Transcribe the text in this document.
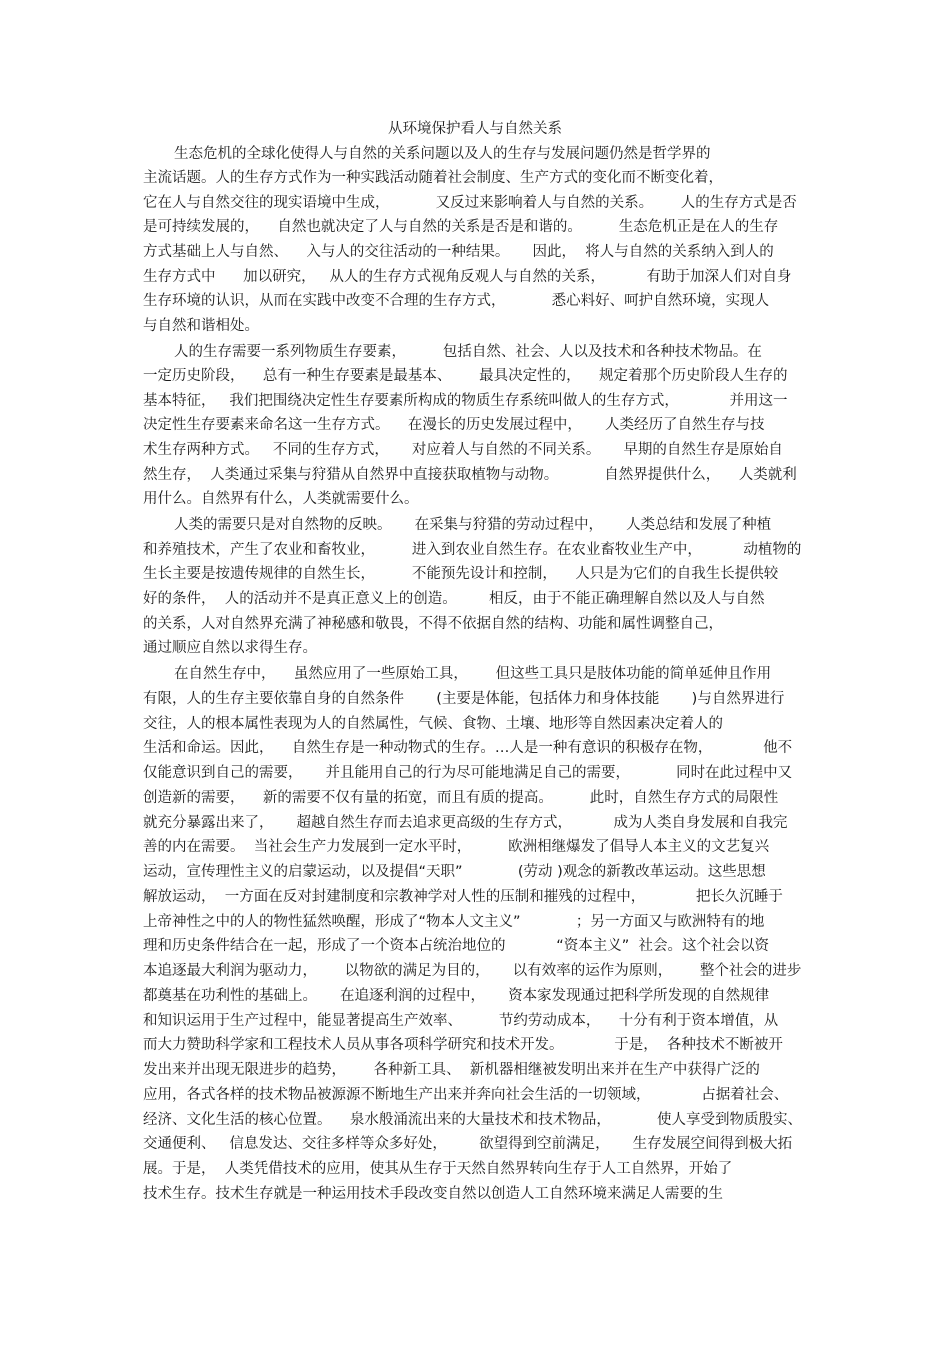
从环境保护看人与自然关系
生态危机的全球化使得人与自然的关系问题以及人的生存与发展问题仍然是哲学界的
主流话题。人的生存方式作为一种实践活动随着社会制度、生产方式的变化而不断变化着，
它在人与自然交往的现实语境中生成，          又反过来影响着人与自然的关系。      人的生存方式是否
是可持续发展的，    自然也就决定了人与自然的关系是否是和谐的。        生态危机正是在人的生存
方式基础上人与自然、    入与人的交往活动的一种结果。     因此，  将人与自然的关系纳入到人的
生存方式中      加以研究，   从人的生存方式视角反观人与自然的关系，         有助于加深人们对自身
生存环境的认识，从而在实践中改变不合理的生存方式，          悉心料好、呵护自然环境，实现人
与自然和谐相处。
人的生存需要一系列物质生存要素，        包括自然、社会、人以及技术和各种技术物品。在
一定历史阶段，    总有一种生存要素是最基本、      最具决定性的，    规定着那个历史阶段人生存的
基本特征，   我们把围绕决定性生存要素所构成的物质生存系统叫做人的生存方式，           并用这一
决定性生存要素来命名这一生存方式。    在漫长的历史发展过程中，     人类经历了自然生存与技
术生存两种方式。   不同的生存方式，     对应着人与自然的不同关系。     早期的自然生存是原始自
然生存，  人类通过采集与狩猎从自然界中直接获取植物与动物。          自然界提供什么，    人类就利
用什么。自然界有什么，人类就需要什么。
人类的需要只是对自然物的反映。     在采集与狩猎的劳动过程中，     人类总结和发展了种植
和养殖技术，产生了农业和畜牧业，        进入到农业自然生存。在农业畜牧业生产中，         动植物的
生长主要是按遗传规律的自然生长，        不能预先设计和控制，    人只是为它们的自我生长提供较
好的条件，  人的活动并不是真正意义上的创造。       相反，由于不能正确理解自然以及人与自然
的关系，人对自然界充满了神秘感和敬畏，不得不依据自然的结构、功能和属性调整自己，
通过顺应自然以求得生存。
在自然生存中，    虽然应用了一些原始工具，      但这些工具只是肢体功能的简单延伸且作用
有限，人的生存主要依靠自身的自然条件       (主要是体能，包括体力和身体技能       )与自然界进行
交往，人的根本属性表现为人的自然属性，气候、食物、土壤、地形等自然因素决定着人的
生活和命运。因此，    自然生存是一种动物式的生存。…人是一种有意识的积极存在物，           他不
仅能意识到自己的需要，     并且能用自己的行为尽可能地满足自己的需要，          同时在此过程中又
创造新的需要，    新的需要不仅有量的拓宽，而且有质的提高。        此时，自然生存方式的局限性
就充分暴露出来了，     超越自然生存而去追求更高级的生存方式，         成为人类自身发展和自我完
善的内在需要。  当社会生产力发展到一定水平时，        欧洲相继爆发了倡导人本主义的文艺复兴
运动，宣传理性主义的启蒙运动，以及提倡“天职”            (劳动 )观念的新教改革运动。这些思想
解放运动，  一方面在反对封建制度和宗教神学对人性的压制和摧残的过程中，           把长久沉睡于
上帝神性之中的人的物性猛然唤醒，形成了“物本人文主义”            ；另一方面又与欧洲特有的地
理和历史条件结合在一起，形成了一个资本占统治地位的           “资本主义”  社会。这个社会以资
本追逐最大利润为驱动力，      以物欲的满足为目的，     以有效率的运作为原则，      整个社会的进步
都奠基在功利性的基础上。     在追逐利润的过程中，     资本家发现通过把科学所发现的自然规律
和知识运用于生产过程中，能显著提高生产效率、        节约劳动成本，    十分有利于资本增值，从
而大力赞助科学家和工程技术人员从事各项科学研究和技术开发。           于是，  各种技术不断被开
发出来并出现无限进步的趋势，      各种新工具、  新机器相继被发明出来并在生产中获得广泛的
应用，各式各样的技术物品被源源不断地生产出来并奔向社会生活的一切领域，           占据着社会、
经济、文化生活的核心位置。    泉水般涌流出来的大量技术和技术物品，          使人享受到物质殷实、
交通便利、   信息发达、交往多样等众多好处，       欲望得到空前满足，     生存发展空间得到极大拓
展。于是，  人类凭借技术的应用，使其从生存于天然自然界转向生存于人工自然界，开始了
技术生存。技术生存就是一种运用技术手段改变自然以创造人工自然环境来满足人需要的生
